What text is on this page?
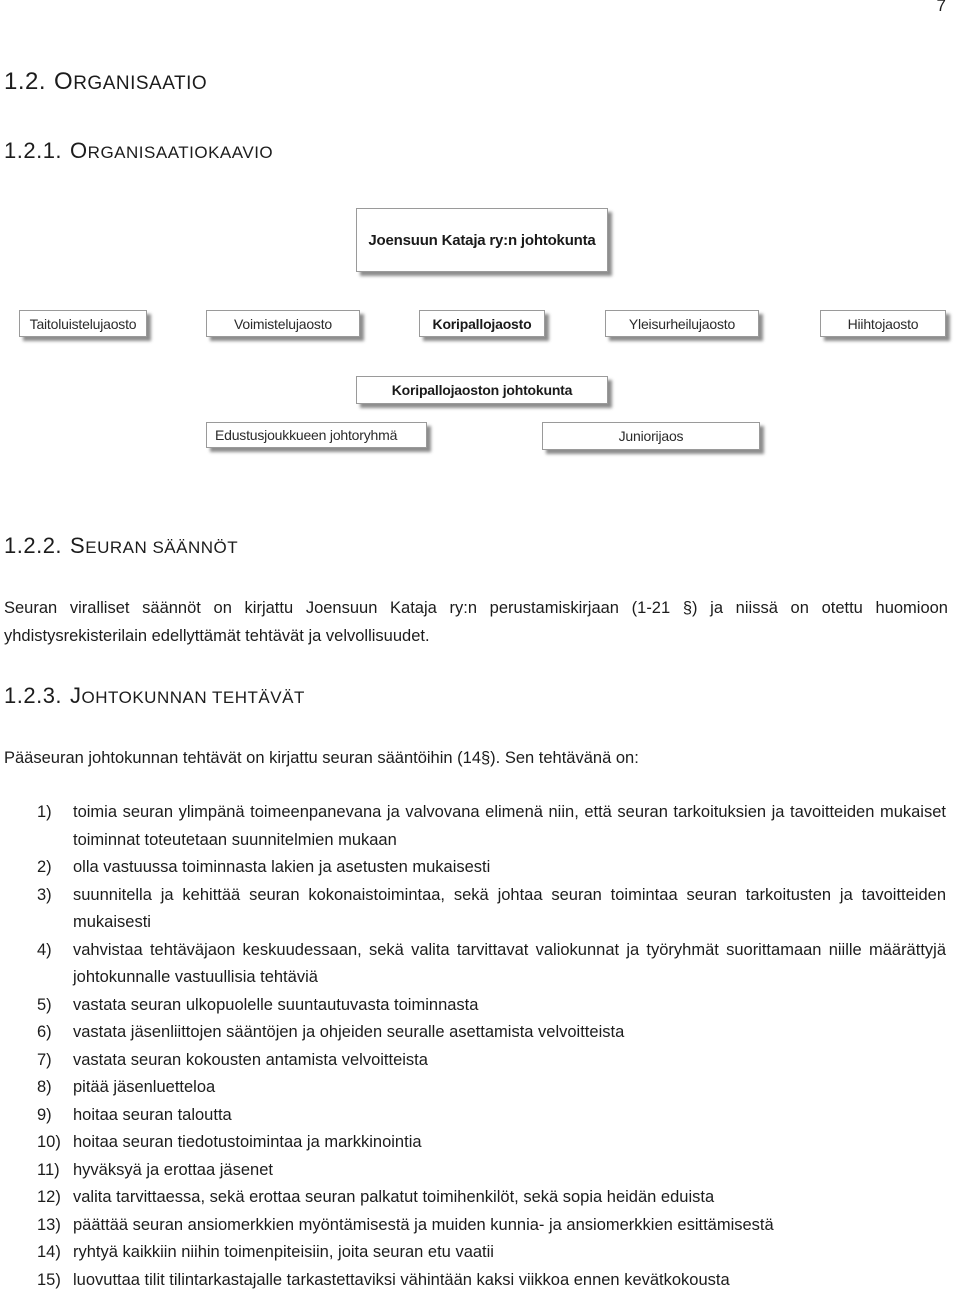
7
1.2. ORGANISAATIO
1.2.1. ORGANISAATIOKAAVIO
Joensuun Kataja ry:n johtokunta
Taitoluistelujaosto	Voimistelujaosto	Koripallojaosto	Yleisurheilujaosto	Hiihtojaosto
Koripallojaoston johtokunta
Edustusjoukkueen johtoryhmä	Juniorijaos
1.2.2. SEURAN SÄÄNNÖT
Seuran viralliset säännöt on kirjattu Joensuun Kataja ry:n perustamiskirjaan (1-21 §) ja niissä on otettu huomioon yhdistysrekisterilain edellyttämät tehtävät ja velvollisuudet.
1.2.3. JOHTOKUNNAN TEHTÄVÄT
Pääseuran johtokunnan tehtävät on kirjattu seuran sääntöihin (14§). Sen tehtävänä on:
1) toimia seuran ylimpänä toimeenpanevana ja valvovana elimenä niin, että seuran tarkoituksien ja tavoitteiden mukaiset toiminnat toteutetaan suunnitelmien mukaan
2) olla vastuussa toiminnasta lakien ja asetusten mukaisesti
3) suunnitella ja kehittää seuran kokonaistoimintaa, sekä johtaa seuran toimintaa seuran tarkoitusten ja tavoitteiden mukaisesti
4) vahvistaa tehtäväjaon keskuudessaan, sekä valita tarvittavat valiokunnat ja työryhmät suorittamaan niille määrättyjä johtokunnalle vastuullisia tehtäviä
5) vastata seuran ulkopuolelle suuntautuvasta toiminnasta
6) vastata jäsenliittojen sääntöjen ja ohjeiden seuralle asettamista velvoitteista
7) vastata seuran kokousten antamista velvoitteista
8) pitää jäsenluetteloa
9) hoitaa seuran taloutta
10) hoitaa seuran tiedotustoimintaa ja markkinointia
11) hyväksyä ja erottaa jäsenet
12) valita tarvittaessa, sekä erottaa seuran palkatut toimihenkilöt, sekä sopia heidän eduista
13) päättää seuran ansiomerkkien myöntämisestä ja muiden kunnia- ja ansiomerkkien esittämisestä
14) ryhtyä kaikkiin niihin toimenpiteisiin, joita seuran etu vaatii
15) luovuttaa tilit tilintarkastajalle tarkastettaviksi vähintään kaksi viikkoa ennen kevätkokousta
